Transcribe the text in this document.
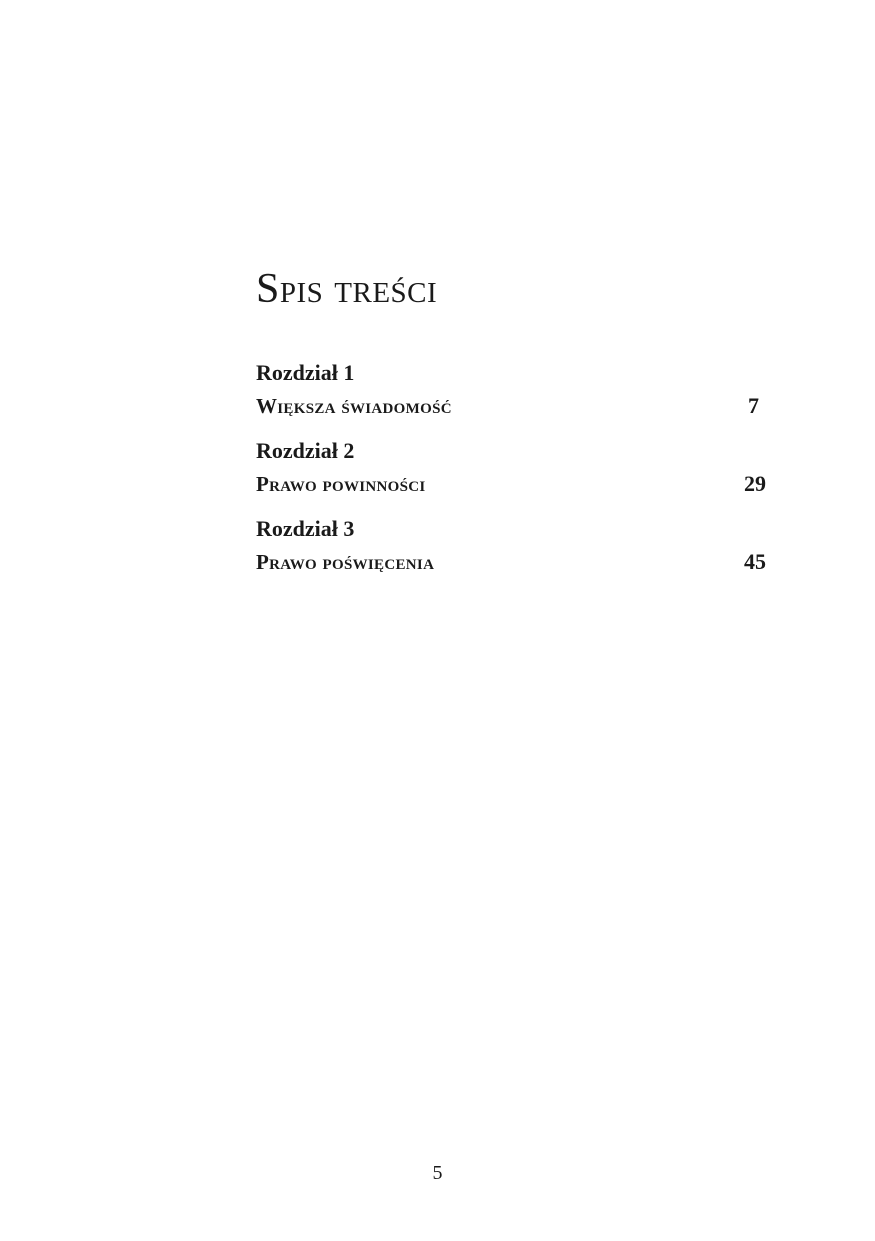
Spis treści
Rozdział 1
Większa świadomość	7
Rozdział 2
Prawo powinności	29
Rozdział 3
Prawo poświęcenia	45
5
